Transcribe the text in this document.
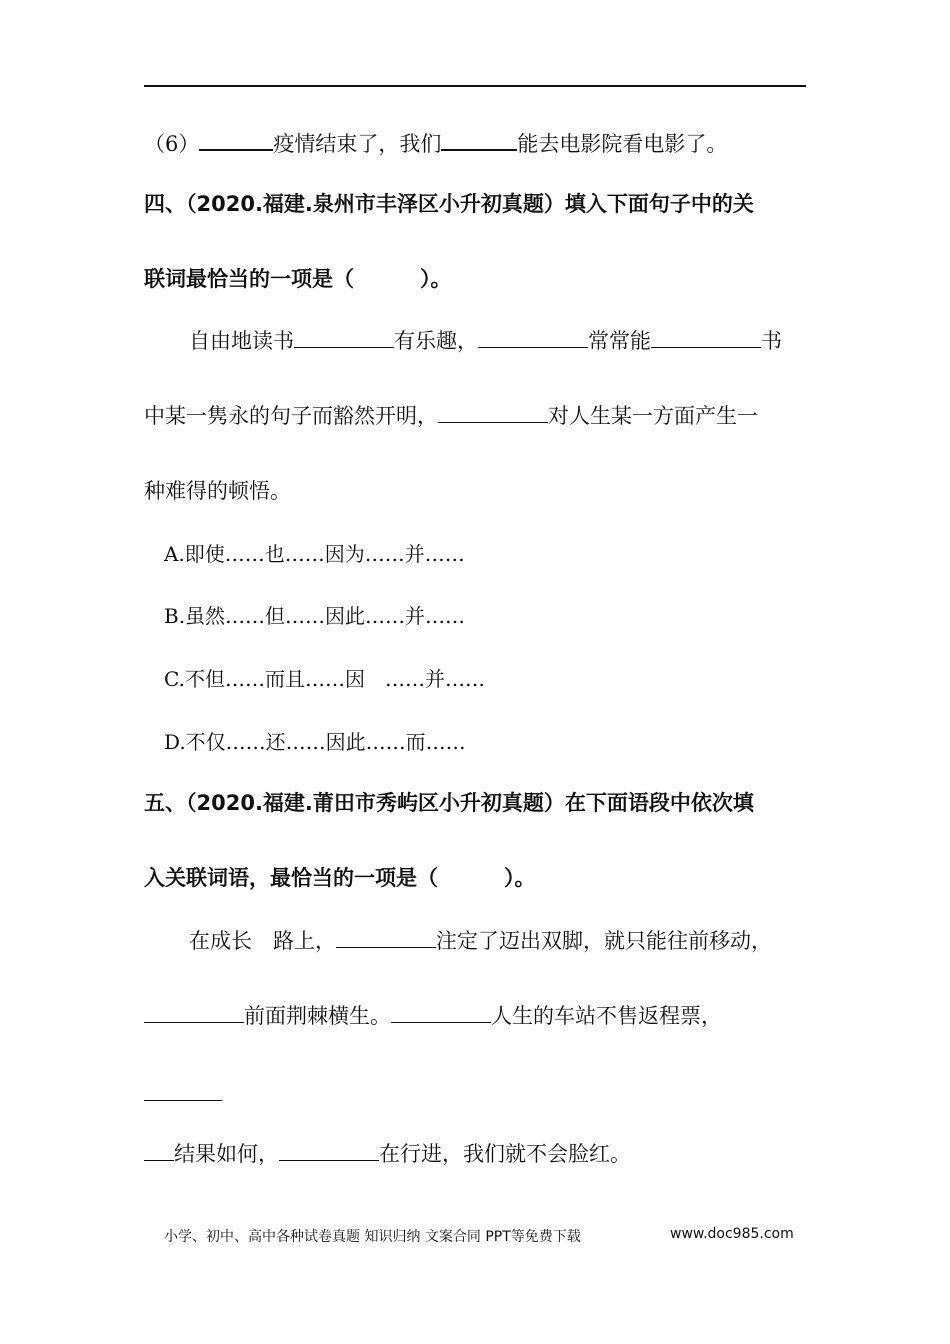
（6）	疫情结束了，我们	能去电影院看电影了。
四、（2020.福建.泉州市丰泽区小升初真题）填入下面句子中的关
联词最恰当的一项是（	）。
自由地读书	有乐趣，	常常能	书
中某一隽永的句子而豁然开明，	对人生某一方面产生一
种难得的顿悟。
A.即使……也……因为……并……
B.虽然……但……因此……并……
C.不但……而且……因　……并……
D.不仅……还……因此……而……
五、（2020.福建.莆田市秀屿区小升初真题）在下面语段中依次填
入关联词语，最恰当的一项是（	）。
在成长　路上，	注定了迈出双脚，就只能往前移动，
前面荆棘横生。	人生的车站不售返程票，
结果如何，	在行进，我们就不会脸红。
小学、初中、高中各种试卷真题 知识归纳 文案合同 PPT等免费下载	www.doc985.com
